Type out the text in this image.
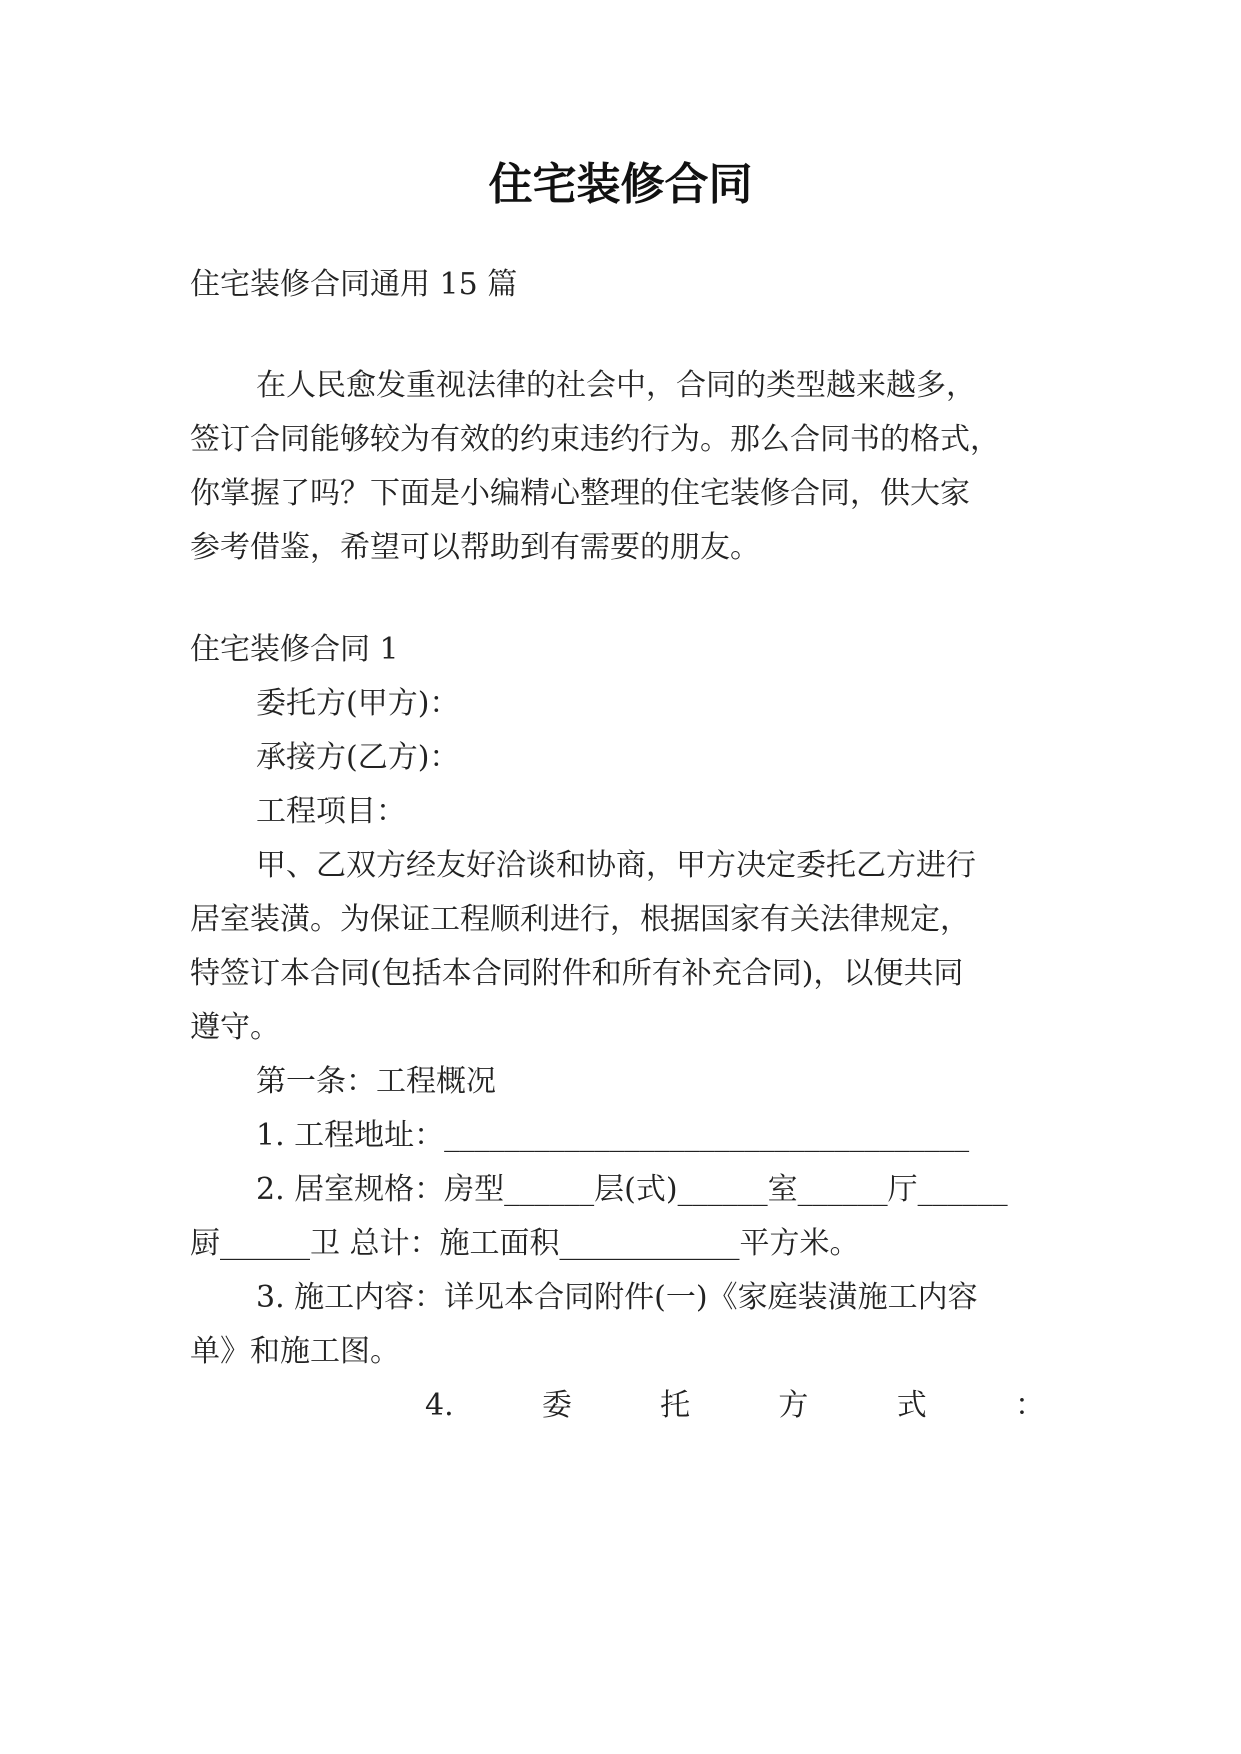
住宅装修合同
住宅装修合同通用 15 篇
在人民愈发重视法律的社会中，合同的类型越来越多，
签订合同能够较为有效的约束违约行为。那么合同书的格式，
你掌握了吗？下面是小编精心整理的住宅装修合同，供大家
参考借鉴，希望可以帮助到有需要的朋友。
住宅装修合同 1
委托方(甲方)：
承接方(乙方)：
工程项目：
甲、乙双方经友好洽谈和协商，甲方决定委托乙方进行
居室装潢。为保证工程顺利进行，根据国家有关法律规定，
特签订本合同(包括本合同附件和所有补充合同)，以便共同
遵守。
第一条：工程概况
1. 工程地址：___________________________________
2. 居室规格：房型______层(式)______室______厅______
厨______卫 总计：施工面积____________平方米。
3. 施工内容：详见本合同附件(一)《家庭装潢施工内容
单》和施工图。
4.	委	托	方	式	：
